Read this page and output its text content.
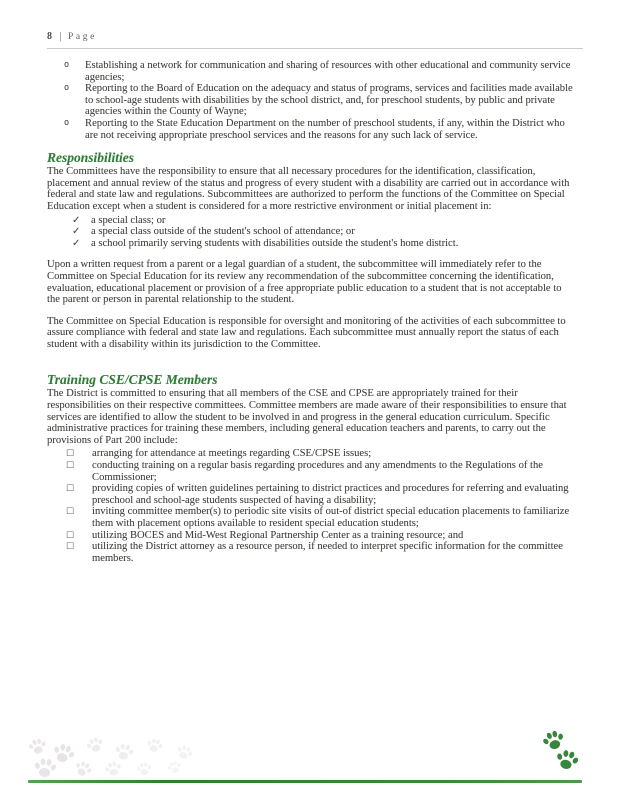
8 | Page
o	Establishing a network for communication and sharing of resources with other educational and community service agencies;
o	Reporting to the Board of Education on the adequacy and status of programs, services and facilities made available to school-age students with disabilities by the school district, and, for preschool students, by public and private agencies within the County of Wayne;
o	Reporting to the State Education Department on the number of preschool students, if any, within the District who are not receiving appropriate preschool services and the reasons for any such lack of service.
Responsibilities

The Committees have the responsibility to ensure that all necessary procedures for the identification, classification, placement and annual review of the status and progress of every student with a disability are carried out in accordance with federal and state law and regulations. Subcommittees are authorized to perform the functions of the Committee on Special Education except when a student is considered for a more restrictive environment or initial placement in:

✓	a special class; or
✓	a special class outside of the student's school of attendance; or
✓	a school primarily serving students with disabilities outside the student's home district.

Upon a written request from a parent or a legal guardian of a student, the subcommittee will immediately refer to the Committee on Special Education for its review any recommendation of the subcommittee concerning the identification, evaluation, educational placement or provision of a free appropriate public education to a student that is not acceptable to the parent or person in parental relationship to the student.

The Committee on Special Education is responsible for oversight and monitoring of the activities of each subcommittee to assure compliance with federal and state law and regulations. Each subcommittee must annually report the status of each student with a disability within its jurisdiction to the Committee.

Training CSE/CPSE Members

The District is committed to ensuring that all members of the CSE and CPSE are appropriately trained for their responsibilities on their respective committees. Committee members are made aware of their responsibilities to ensure that services are identified to allow the student to be involved in and progress in the general education curriculum. Specific administrative practices for training these members, including general education teachers and parents, to carry out the provisions of Part 200 include:

□	arranging for attendance at meetings regarding CSE/CPSE issues;
□	conducting training on a regular basis regarding procedures and any amendments to the Regulations of the Commissioner;
□	providing copies of written guidelines pertaining to district practices and procedures for referring and evaluating preschool and school-age students suspected of having a disability;
□	inviting committee member(s) to periodic site visits of out-of district special education placements to familiarize them with placement options available to resident special education students;
□	utilizing BOCES and Mid-West Regional Partnership Center as a training resource; and
□	utilizing the District attorney as a resource person, if needed to interpret specific information for the committee members.
